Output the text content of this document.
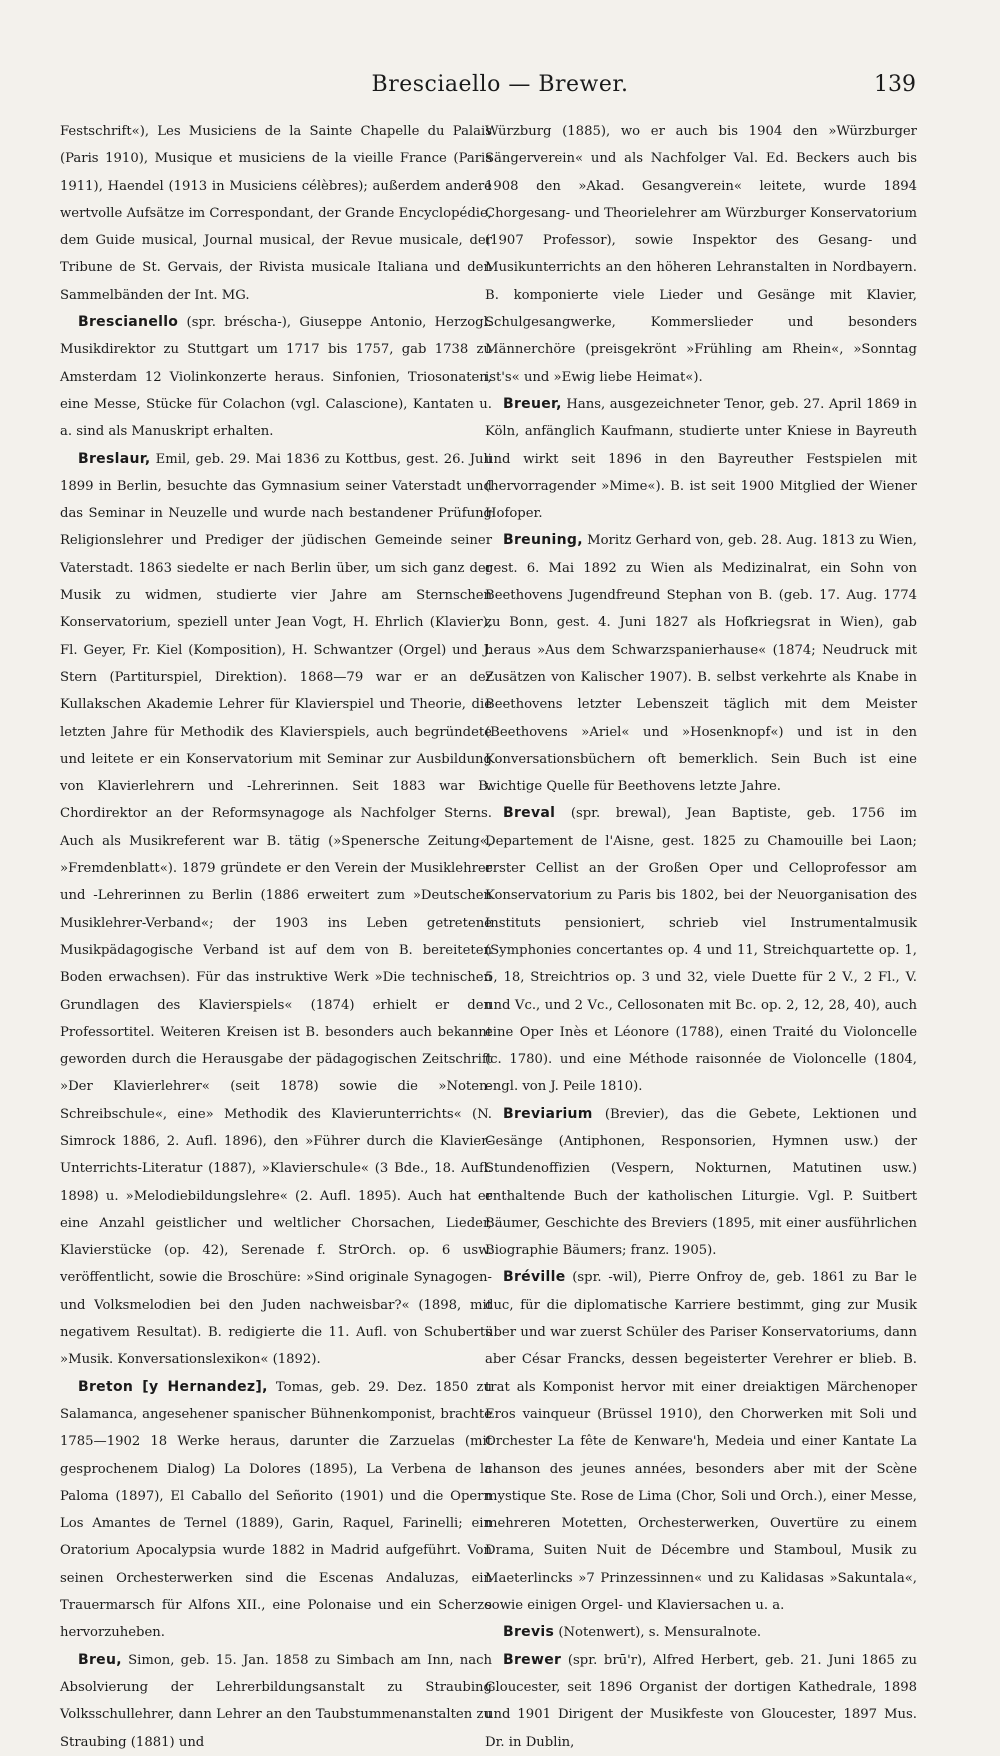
Bresciaello — Brewer.	139

Festschrift«), Les Musiciens de la Sainte Chapelle du Palais (Paris 1910), Musique et musiciens de la vieille France (Paris 1911), Haendel (1913 in Musiciens célèbres); außerdem andere wertvolle Aufsätze im Correspondant, der Grande Encyclopédie, dem Guide musical, Journal musical, der Revue musicale, der Tribune de St. Gervais, der Rivista musicale Italiana und den Sammelbänden der Int. MG.

Brescianello (spr. bréscha-), Giuseppe Antonio, Herzogl. Musikdirektor zu Stuttgart um 1717 bis 1757, gab 1738 zu Amsterdam 12 Violinkonzerte heraus. Sinfonien, Triosonaten, eine Messe, Stücke für Colachon (vgl. Calascione), Kantaten u. a. sind als Manuskript erhalten.

Breslaur, Emil, geb. 29. Mai 1836 zu Kottbus, gest. 26. Juli 1899 in Berlin, besuchte das Gymnasium seiner Vaterstadt und das Seminar in Neuzelle und wurde nach bestandener Prüfung Religionslehrer und Prediger der jüdischen Gemeinde seiner Vaterstadt. 1863 siedelte er nach Berlin über, um sich ganz der Musik zu widmen, studierte vier Jahre am Sternschen Konservatorium, speziell unter Jean Vogt, H. Ehrlich (Klavier), Fl. Geyer, Fr. Kiel (Komposition), H. Schwantzer (Orgel) und J. Stern (Partiturspiel, Direktion). 1868—79 war er an der Kullakschen Akademie Lehrer für Klavierspiel und Theorie, die letzten Jahre für Methodik des Klavierspiels, auch begründete und leitete er ein Konservatorium mit Seminar zur Ausbildung von Klavierlehrern und -Lehrerinnen. Seit 1883 war B. Chordirektor an der Reformsynagoge als Nachfolger Sterns. Auch als Musikreferent war B. tätig (»Spenersche Zeitung«, »Fremdenblatt«). 1879 gründete er den Verein der Musiklehrer und -Lehrerinnen zu Berlin (1886 erweitert zum »Deutschen Musiklehrer-Verband«; der 1903 ins Leben getretene Musikpädagogische Verband ist auf dem von B. bereiteten Boden erwachsen). Für das instruktive Werk »Die technischen Grundlagen des Klavierspiels« (1874) erhielt er den Professortitel. Weiteren Kreisen ist B. besonders auch bekannt geworden durch die Herausgabe der pädagogischen Zeitschrift »Der Klavierlehrer« (seit 1878) sowie die »Noten-Schreibschule«, eine» Methodik des Klavierunterrichts« (N. Simrock 1886, 2. Aufl. 1896), den »Führer durch die Klavier-Unterrichts-Literatur (1887), »Klavierschule« (3 Bde., 18. Aufl. 1898) u. »Melodiebildungslehre« (2. Aufl. 1895). Auch hat er eine Anzahl geistlicher und weltlicher Chorsachen, Lieder, Klavierstücke (op. 42), Serenade f. StrOrch. op. 6 usw. veröffentlicht, sowie die Broschüre: »Sind originale Synagogen- und Volksmelodien bei den Juden nachweisbar?« (1898, mit negativem Resultat). B. redigierte die 11. Aufl. von Schuberts »Musik. Konversationslexikon« (1892).

Breton [y Hernandez], Tomas, geb. 29. Dez. 1850 zu Salamanca, angesehener spanischer Bühnenkomponist, brachte 1785—1902 18 Werke heraus, darunter die Zarzuelas (mit gesprochenem Dialog) La Dolores (1895), La Verbena de la Paloma (1897), El Caballo del Señorito (1901) und die Opern Los Amantes de Ternel (1889), Garin, Raquel, Farinelli; ein Oratorium Apocalypsia wurde 1882 in Madrid aufgeführt. Von seinen Orchesterwerken sind die Escenas Andaluzas, ein Trauermarsch für Alfons XII., eine Polonaise und ein Scherzo hervorzuheben.

Breu, Simon, geb. 15. Jan. 1858 zu Simbach am Inn, nach Absolvierung der Lehrerbildungsanstalt zu Straubing Volksschullehrer, dann Lehrer an den Taubstummenanstalten zu Straubing (1881) und

Würzburg (1885), wo er auch bis 1904 den »Würzburger Sängerverein« und als Nachfolger Val. Ed. Beckers auch bis 1908 den »Akad. Gesangverein« leitete, wurde 1894 Chorgesang- und Theorielehrer am Würzburger Konservatorium (1907 Professor), sowie Inspektor des Gesang- und Musikunterrichts an den höheren Lehranstalten in Nordbayern. B. komponierte viele Lieder und Gesänge mit Klavier, Schulgesangwerke, Kommerslieder und besonders Männerchöre (preisgekrönt »Frühling am Rhein«, »Sonntag ist's« und »Ewig liebe Heimat«).

Breuer, Hans, ausgezeichneter Tenor, geb. 27. April 1869 in Köln, anfänglich Kaufmann, studierte unter Kniese in Bayreuth und wirkt seit 1896 in den Bayreuther Festspielen mit (hervorragender »Mime«). B. ist seit 1900 Mitglied der Wiener Hofoper.

Breuning, Moritz Gerhard von, geb. 28. Aug. 1813 zu Wien, gest. 6. Mai 1892 zu Wien als Medizinalrat, ein Sohn von Beethovens Jugendfreund Stephan von B. (geb. 17. Aug. 1774 zu Bonn, gest. 4. Juni 1827 als Hofkriegsrat in Wien), gab heraus »Aus dem Schwarzspanierhause« (1874; Neudruck mit Zusätzen von Kalischer 1907). B. selbst verkehrte als Knabe in Beethovens letzter Lebenszeit täglich mit dem Meister (Beethovens »Ariel« und »Hosenknopf«) und ist in den Konversationsbüchern oft bemerklich. Sein Buch ist eine wichtige Quelle für Beethovens letzte Jahre.

Breval (spr. brewal), Jean Baptiste, geb. 1756 im Departement de l'Aisne, gest. 1825 zu Chamouille bei Laon; erster Cellist an der Großen Oper und Celloprofessor am Konservatorium zu Paris bis 1802, bei der Neuorganisation des Instituts pensioniert, schrieb viel Instrumentalmusik (Symphonies concertantes op. 4 und 11, Streichquartette op. 1, 5, 18, Streichtrios op. 3 und 32, viele Duette für 2 V., 2 Fl., V. und Vc., und 2 Vc., Cellosonaten mit Bc. op. 2, 12, 28, 40), auch eine Oper Inès et Léonore (1788), einen Traité du Violoncelle (c. 1780). und eine Méthode raisonnée de Violoncelle (1804, engl. von J. Peile 1810).

Breviarium (Brevier), das die Gebete, Lektionen und Gesänge (Antiphonen, Responsorien, Hymnen usw.) der Stundenoffizien (Vespern, Nokturnen, Matutinen usw.) enthaltende Buch der katholischen Liturgie. Vgl. P. Suitbert Bäumer, Geschichte des Breviers (1895, mit einer ausführlichen Biographie Bäumers; franz. 1905).

Bréville (spr. -wil), Pierre Onfroy de, geb. 1861 zu Bar le duc, für die diplomatische Karriere bestimmt, ging zur Musik über und war zuerst Schüler des Pariser Konservatoriums, dann aber César Francks, dessen begeisterter Verehrer er blieb. B. trat als Komponist hervor mit einer dreiaktigen Märchenoper Eros vainqueur (Brüssel 1910), den Chorwerken mit Soli und Orchester La fête de Kenware'h, Medeia und einer Kantate La chanson des jeunes années, besonders aber mit der Scène mystique Ste. Rose de Lima (Chor, Soli und Orch.), einer Messe, mehreren Motetten, Orchesterwerken, Ouvertüre zu einem Drama, Suiten Nuit de Décembre und Stamboul, Musik zu Maeterlincks »7 Prinzessinnen« und zu Kalidasas »Sakuntala«, sowie einigen Orgel- und Klaviersachen u. a.

Brevis (Notenwert), s. Mensuralnote.

Brewer (spr. brū'r), Alfred Herbert, geb. 21. Juni 1865 zu Gloucester, seit 1896 Organist der dortigen Kathedrale, 1898 und 1901 Dirigent der Musikfeste von Gloucester, 1897 Mus. Dr. in Dublin,
